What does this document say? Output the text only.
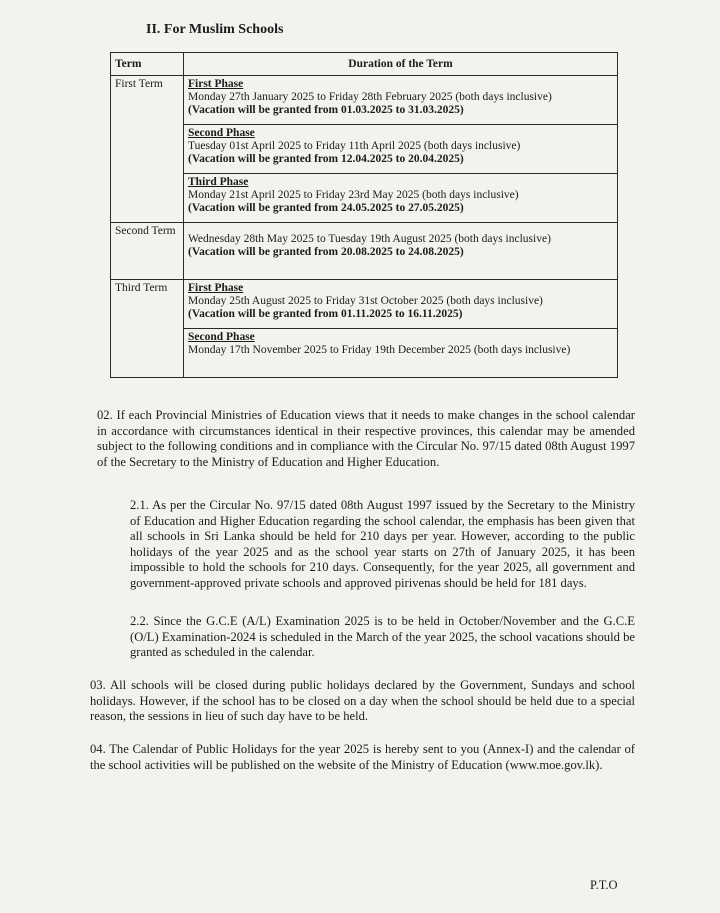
II. For Muslim Schools
Term	Duration of the Term
First Term	First Phase
Monday 27th January 2025 to Friday 28th February 2025 (both days inclusive)
(Vacation will be granted from 01.03.2025 to 31.03.2025)

	Second Phase
Tuesday 01st April 2025 to Friday 11th April 2025 (both days inclusive)
(Vacation will be granted from 12.04.2025 to 20.04.2025)

	Third Phase
Monday 21st April 2025 to Friday 23rd May 2025 (both days inclusive)
(Vacation will be granted from 24.05.2025 to 27.05.2025)

Second Term	Wednesday 28th May 2025 to Tuesday 19th August 2025 (both days inclusive)
(Vacation will be granted from 20.08.2025 to 24.08.2025)

Third Term	First Phase
Monday 25th August 2025 to Friday 31st October 2025 (both days inclusive)
(Vacation will be granted from 01.11.2025 to 16.11.2025)

	Second Phase
Monday 17th November 2025 to Friday 19th December 2025 (both days inclusive)
02. If each Provincial Ministries of Education views that it needs to make changes in the school calendar in accordance with circumstances identical in their respective provinces, this calendar may be amended subject to the following conditions and in compliance with the Circular No. 97/15 dated 08th August 1997 of the Secretary to the Ministry of Education and Higher Education.
2.1. As per the Circular No. 97/15 dated 08th August 1997 issued by the Secretary to the Ministry of Education and Higher Education regarding the school calendar, the emphasis has been given that all schools in Sri Lanka should be held for 210 days per year. However, according to the public holidays of the year 2025 and as the school year starts on 27th of January 2025, it has been impossible to hold the schools for 210 days. Consequently, for the year 2025, all government and government-approved private schools and approved pirivenas should be held for 181 days.
2.2. Since the G.C.E (A/L) Examination 2025 is to be held in October/November and the G.C.E (O/L) Examination-2024 is scheduled in the March of the year 2025, the school vacations should be granted as scheduled in the calendar.
03. All schools will be closed during public holidays declared by the Government, Sundays and school holidays. However, if the school has to be closed on a day when the school should be held due to a special reason, the sessions in lieu of such day have to be held.
04. The Calendar of Public Holidays for the year 2025 is hereby sent to you (Annex-I) and the calendar of the school activities will be published on the website of the Ministry of Education (www.moe.gov.lk).
P.T.O
